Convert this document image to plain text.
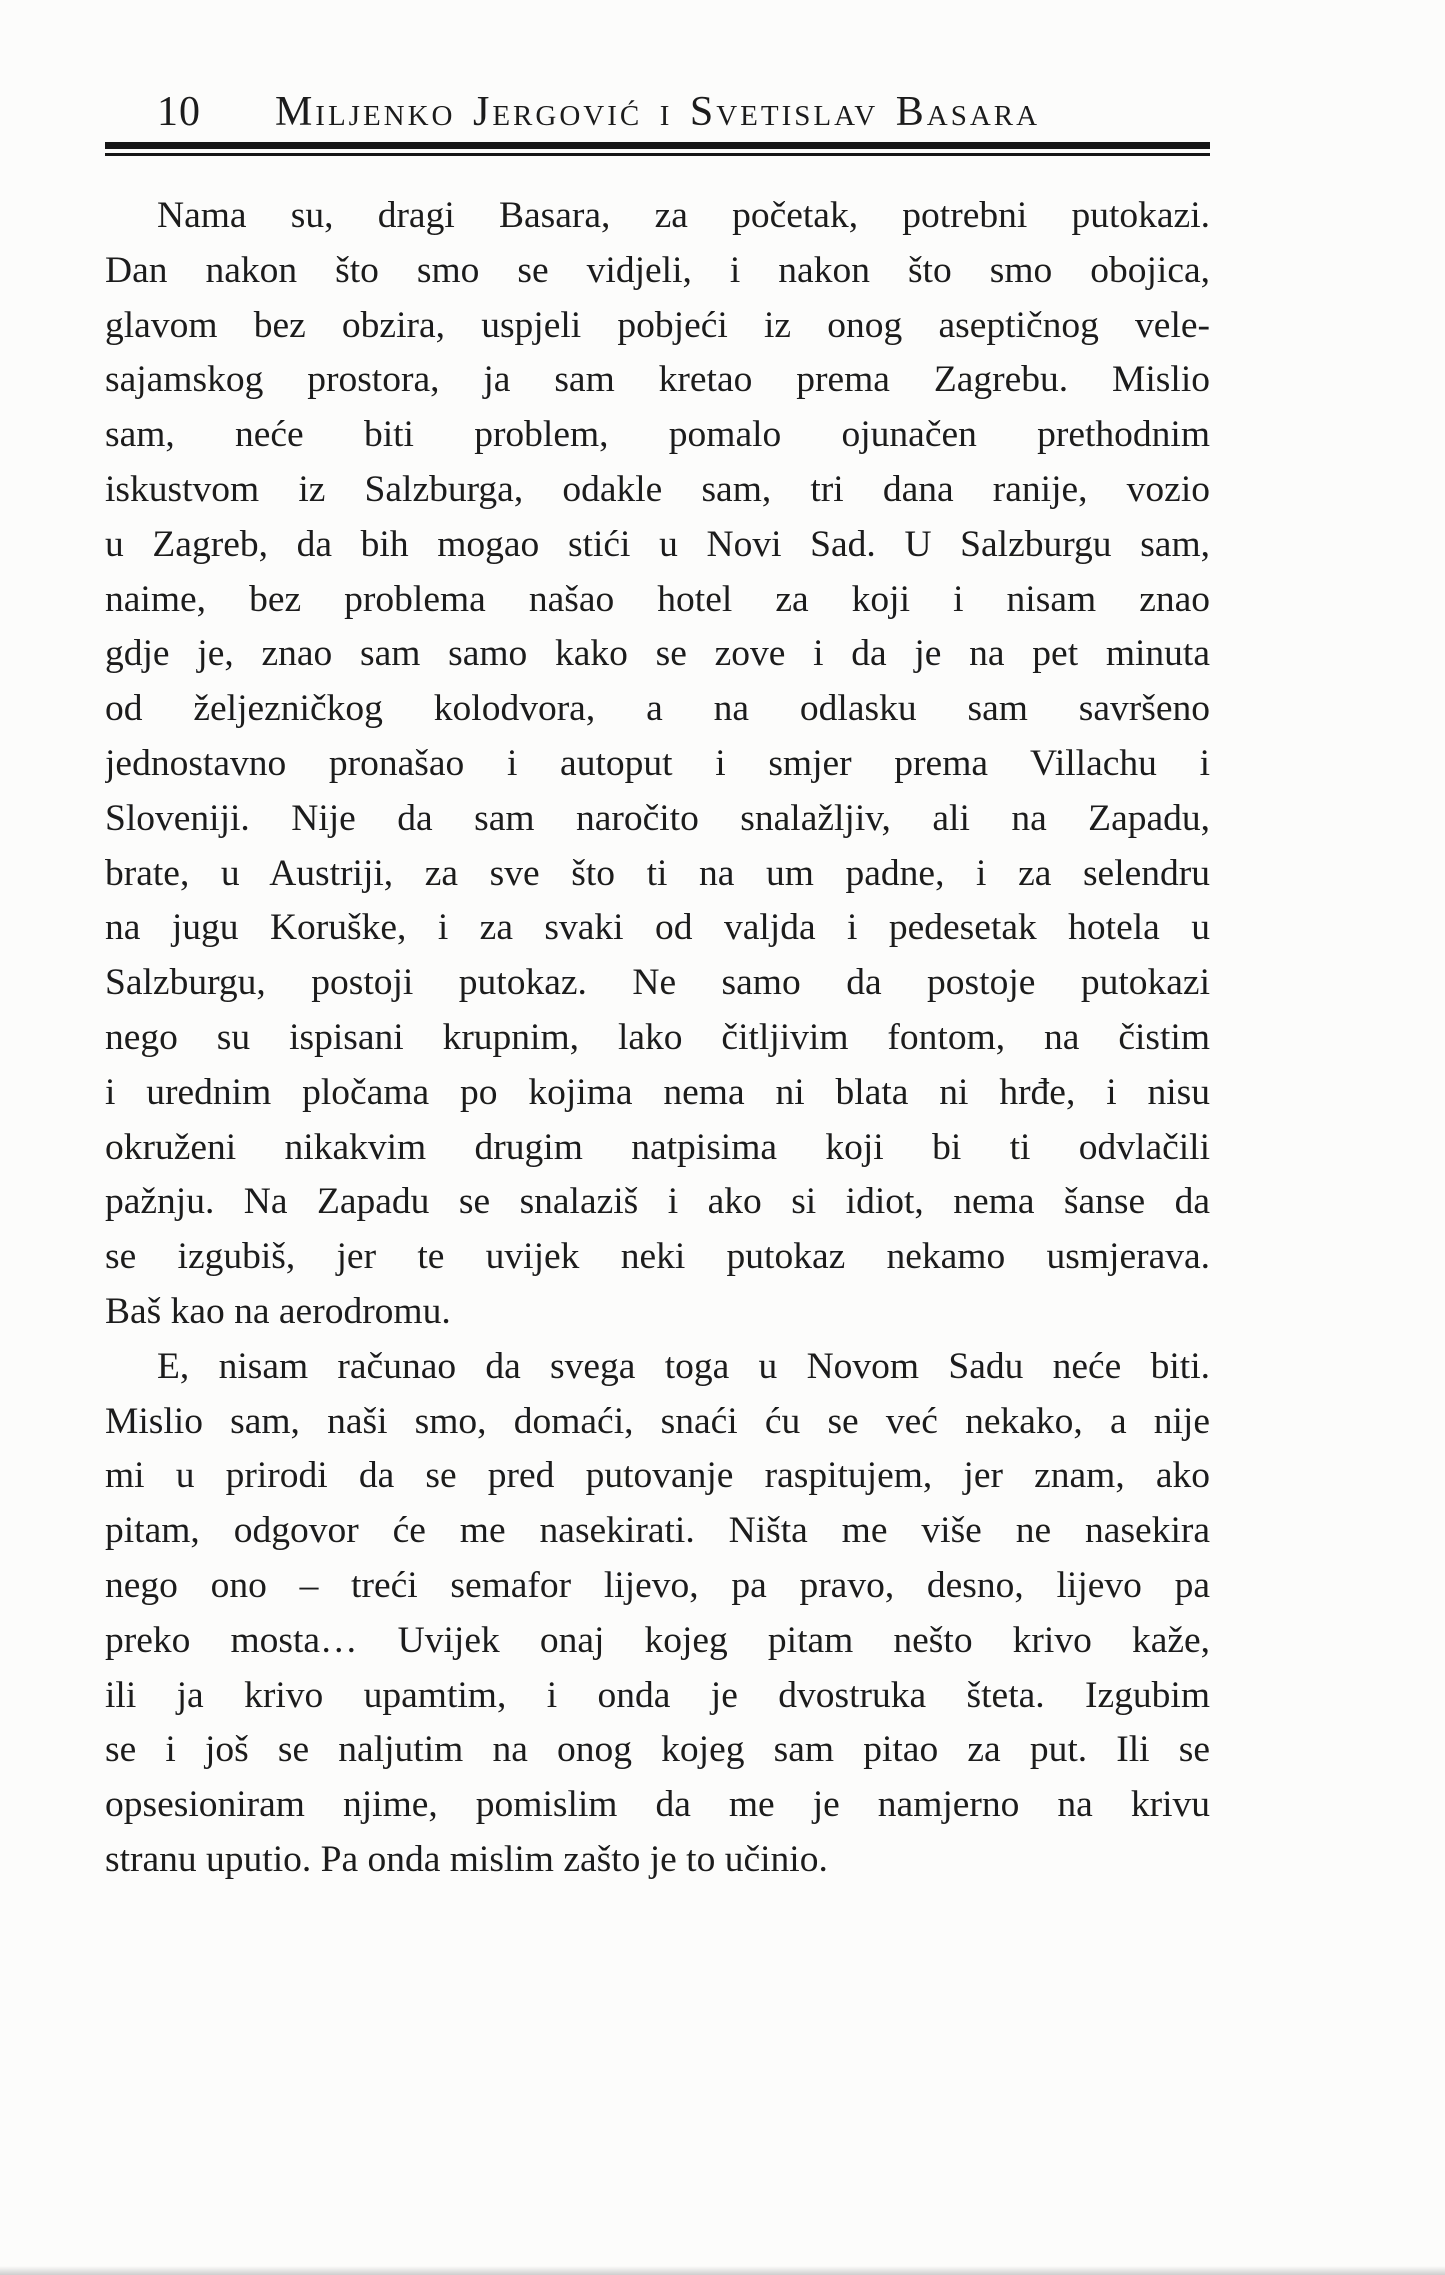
10	Miljenko Jergović i Svetislav Basara
Nama su, dragi Basara, za početak, potrebni putokazi.
Dan nakon što smo se vidjeli, i nakon što smo obojica,
glavom bez obzira, uspjeli pobjeći iz onog aseptičnog vele-
sajamskog prostora, ja sam kretao prema Zagrebu. Mislio
sam, neće biti problem, pomalo ojunačen prethodnim
iskustvom iz Salzburga, odakle sam, tri dana ranije, vozio
u Zagreb, da bih mogao stići u Novi Sad. U Salzburgu sam,
naime, bez problema našao hotel za koji i nisam znao
gdje je, znao sam samo kako se zove i da je na pet minuta
od željezničkog kolodvora, a na odlasku sam savršeno
jednostavno pronašao i autoput i smjer prema Villachu i
Sloveniji. Nije da sam naročito snalažljiv, ali na Zapadu,
brate, u Austriji, za sve što ti na um padne, i za selendru
na jugu Koruške, i za svaki od valjda i pedesetak hotela u
Salzburgu, postoji putokaz. Ne samo da postoje putokazi
nego su ispisani krupnim, lako čitljivim fontom, na čistim
i urednim pločama po kojima nema ni blata ni hrđe, i nisu
okruženi nikakvim drugim natpisima koji bi ti odvlačili
pažnju. Na Zapadu se snalaziš i ako si idiot, nema šanse da
se izgubiš, jer te uvijek neki putokaz nekamo usmjerava.
Baš kao na aerodromu.
E, nisam računao da svega toga u Novom Sadu neće biti.
Mislio sam, naši smo, domaći, snaći ću se već nekako, a nije
mi u prirodi da se pred putovanje raspitujem, jer znam, ako
pitam, odgovor će me nasekirati. Ništa me više ne nasekira
nego ono – treći semafor lijevo, pa pravo, desno, lijevo pa
preko mosta… Uvijek onaj kojeg pitam nešto krivo kaže,
ili ja krivo upamtim, i onda je dvostruka šteta. Izgubim
se i još se naljutim na onog kojeg sam pitao za put. Ili se
opsesioniram njime, pomislim da me je namjerno na krivu
stranu uputio. Pa onda mislim zašto je to učinio.
